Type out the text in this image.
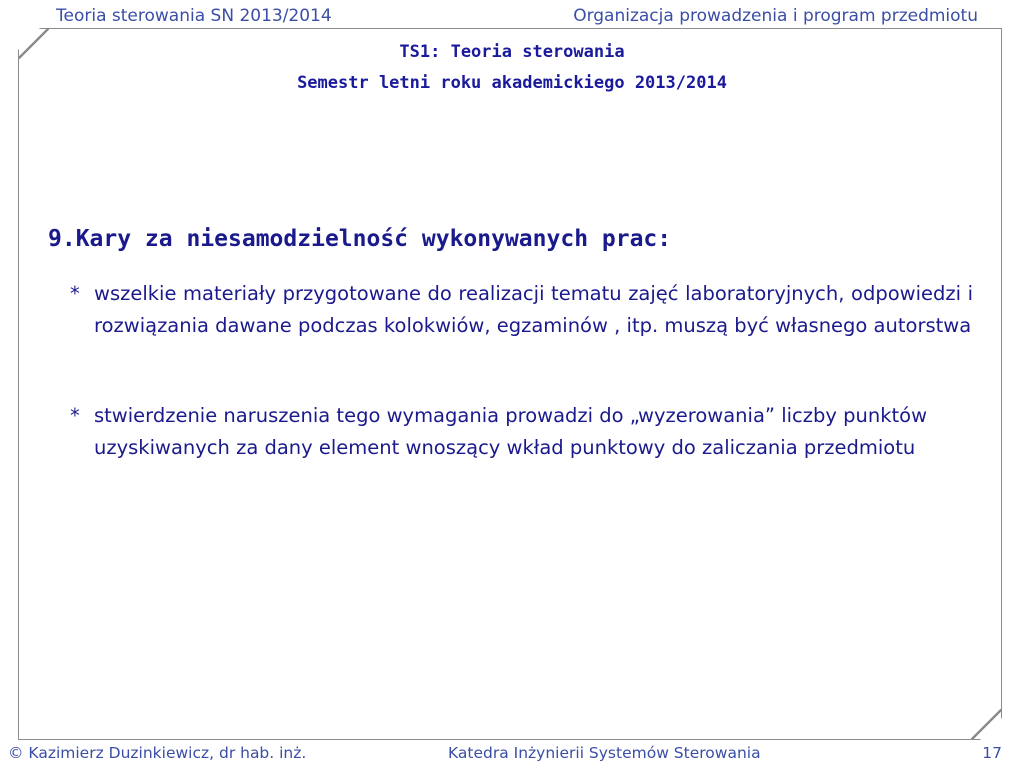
Teoria sterowania SN 2013/2014	Organizacja prowadzenia i program przedmiotu
TS1: Teoria sterowania
Semestr letni roku akademickiego 2013/2014
9.Kary za niesamodzielność wykonywanych prac:
* wszelkie materiały przygotowane do realizacji tematu zajęć laboratoryjnych, odpowiedzi i rozwiązania dawane podczas kolokwiów, egzaminów , itp. muszą być własnego autorstwa
* stwierdzenie naruszenia tego wymagania prowadzi do „wyzerowania” liczby punktów uzyskiwanych za dany element wnoszący wkład punktowy do zaliczania przedmiotu
© Kazimierz Duzinkiewicz, dr hab. inż.	Katedra Inżynierii Systemów Sterowania	17
